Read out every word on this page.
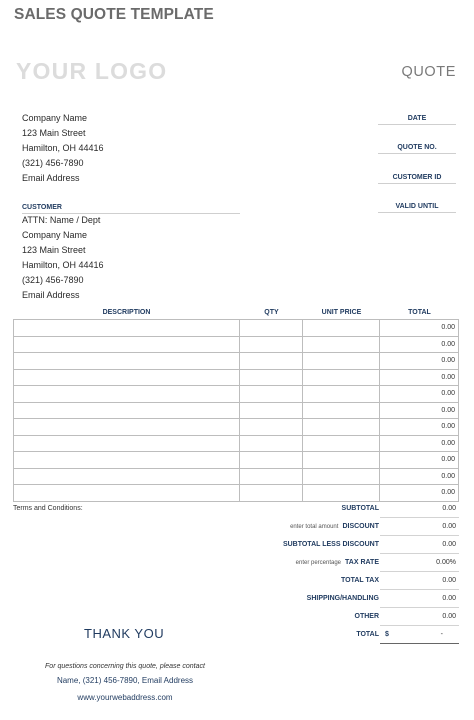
SALES QUOTE TEMPLATE
YOUR LOGO	QUOTE
Company Name
123 Main Street
Hamilton, OH 44416
(321) 456-7890
Email Address
DATE
QUOTE NO.
CUSTOMER ID
VALID UNTIL
CUSTOMER
ATTN: Name / Dept
Company Name
123 Main Street
Hamilton, OH 44416
(321) 456-7890
Email Address
DESCRIPTION	QTY	UNIT PRICE	TOTAL
			0.00
			0.00
			0.00
			0.00
			0.00
			0.00
			0.00
			0.00
			0.00
			0.00
			0.00
Terms and Conditions:	SUBTOTAL	0.00
enter total amount DISCOUNT	0.00
SUBTOTAL LESS DISCOUNT	0.00
enter percentage TAX RATE	0.00%
TOTAL TAX	0.00
SHIPPING/HANDLING	0.00
OTHER	0.00
TOTAL $	-
THANK YOU
For questions concerning this quote, please contact
Name, (321) 456-7890, Email Address
www.yourwebaddress.com
